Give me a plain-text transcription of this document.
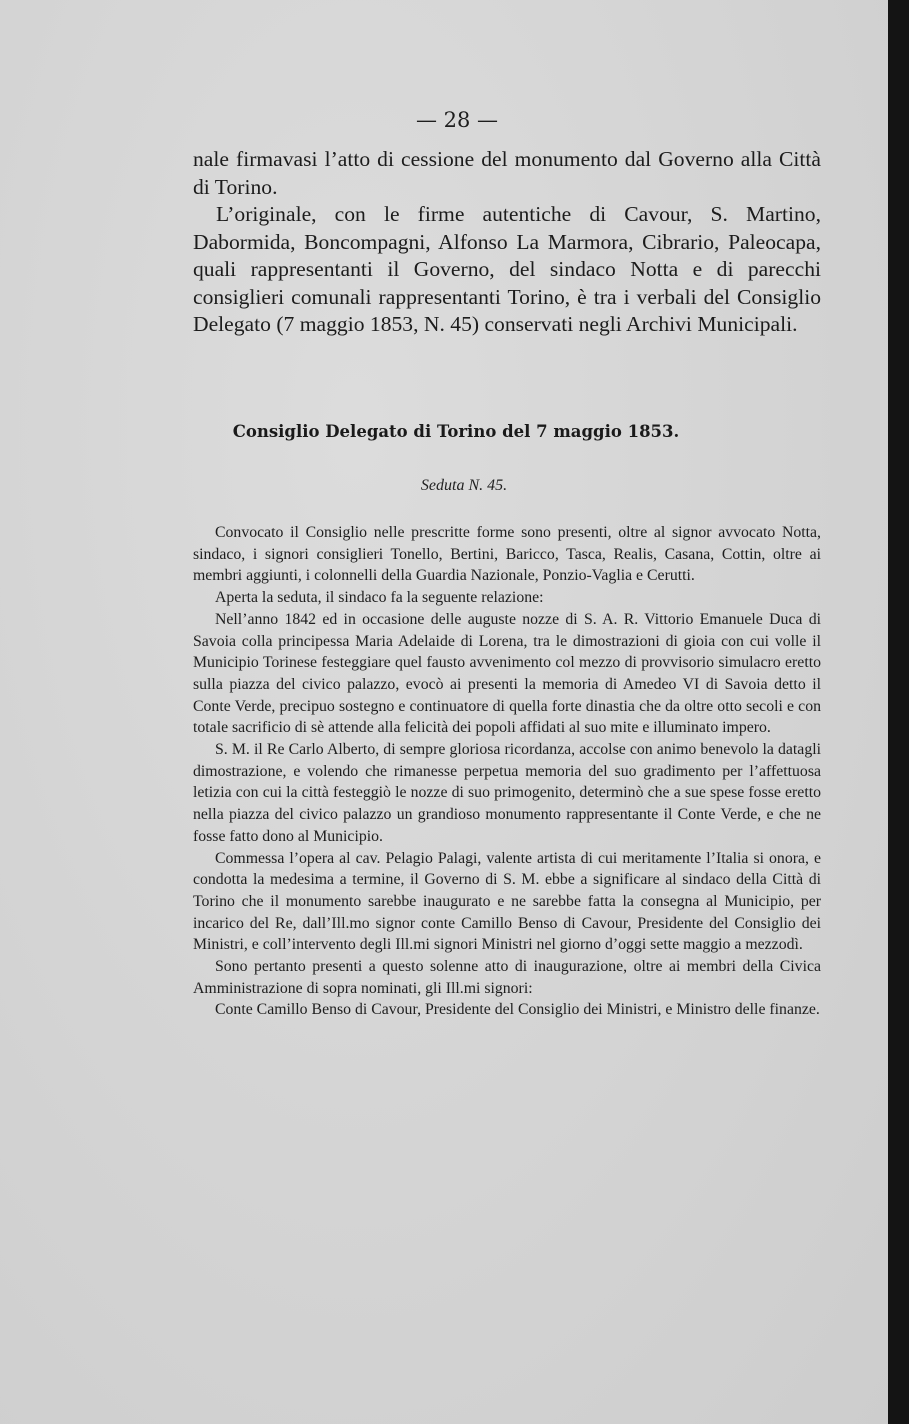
— 28 —

nale firmavasi l’atto di cessione del monumento dal Governo alla Città di Torino.

L’originale, con le firme autentiche di Cavour, S. Martino, Dabormida, Boncompagni, Alfonso La Marmora, Cibrario, Paleocapa, quali rappresentanti il Governo, del sindaco Notta e di parecchi consiglieri comunali rappresentanti Torino, è tra i verbali del Consiglio Delegato (7 maggio 1853, N. 45) conservati negli Archivi Municipali.

Consiglio Delegato di Torino del 7 maggio 1853.
Seduta N. 45.

Convocato il Consiglio nelle prescritte forme sono presenti, oltre al signor avvocato Notta, sindaco, i signori consiglieri Tonello, Bertini, Baricco, Tasca, Realis, Casana, Cottin, oltre ai membri aggiunti, i colonnelli della Guardia Nazionale, Ponzio-Vaglia e Cerutti.

Aperta la seduta, il sindaco fa la seguente relazione:

Nell’anno 1842 ed in occasione delle auguste nozze di S. A. R. Vittorio Emanuele Duca di Savoia colla principessa Maria Adelaide di Lorena, tra le dimostrazioni di gioia con cui volle il Municipio Torinese festeggiare quel fausto avvenimento col mezzo di provvisorio simulacro eretto sulla piazza del civico palazzo, evocò ai presenti la memoria di Amedeo VI di Savoia detto il Conte Verde, precipuo sostegno e continuatore di quella forte dinastia che da oltre otto secoli e con totale sacrificio di sè attende alla felicità dei popoli affidati al suo mite e illuminato impero.

S. M. il Re Carlo Alberto, di sempre gloriosa ricordanza, accolse con animo benevolo la datagli dimostrazione, e volendo che rimanesse perpetua memoria del suo gradimento per l’affettuosa letizia con cui la città festeggiò le nozze di suo primogenito, determinò che a sue spese fosse eretto nella piazza del civico palazzo un grandioso monumento rappresentante il Conte Verde, e che ne fosse fatto dono al Municipio.

Commessa l’opera al cav. Pelagio Palagi, valente artista di cui meritamente l’Italia si onora, e condotta la medesima a termine, il Governo di S. M. ebbe a significare al sindaco della Città di Torino che il monumento sarebbe inaugurato e ne sarebbe fatta la consegna al Municipio, per incarico del Re, dall’Ill.mo signor conte Camillo Benso di Cavour, Presidente del Consiglio dei Ministri, e coll’intervento degli Ill.mi signori Ministri nel giorno d’oggi sette maggio a mezzodì.

Sono pertanto presenti a questo solenne atto di inaugurazione, oltre ai membri della Civica Amministrazione di sopra nominati, gli Ill.mi signori:

Conte Camillo Benso di Cavour, Presidente del Consiglio dei Ministri, e Ministro delle finanze.
